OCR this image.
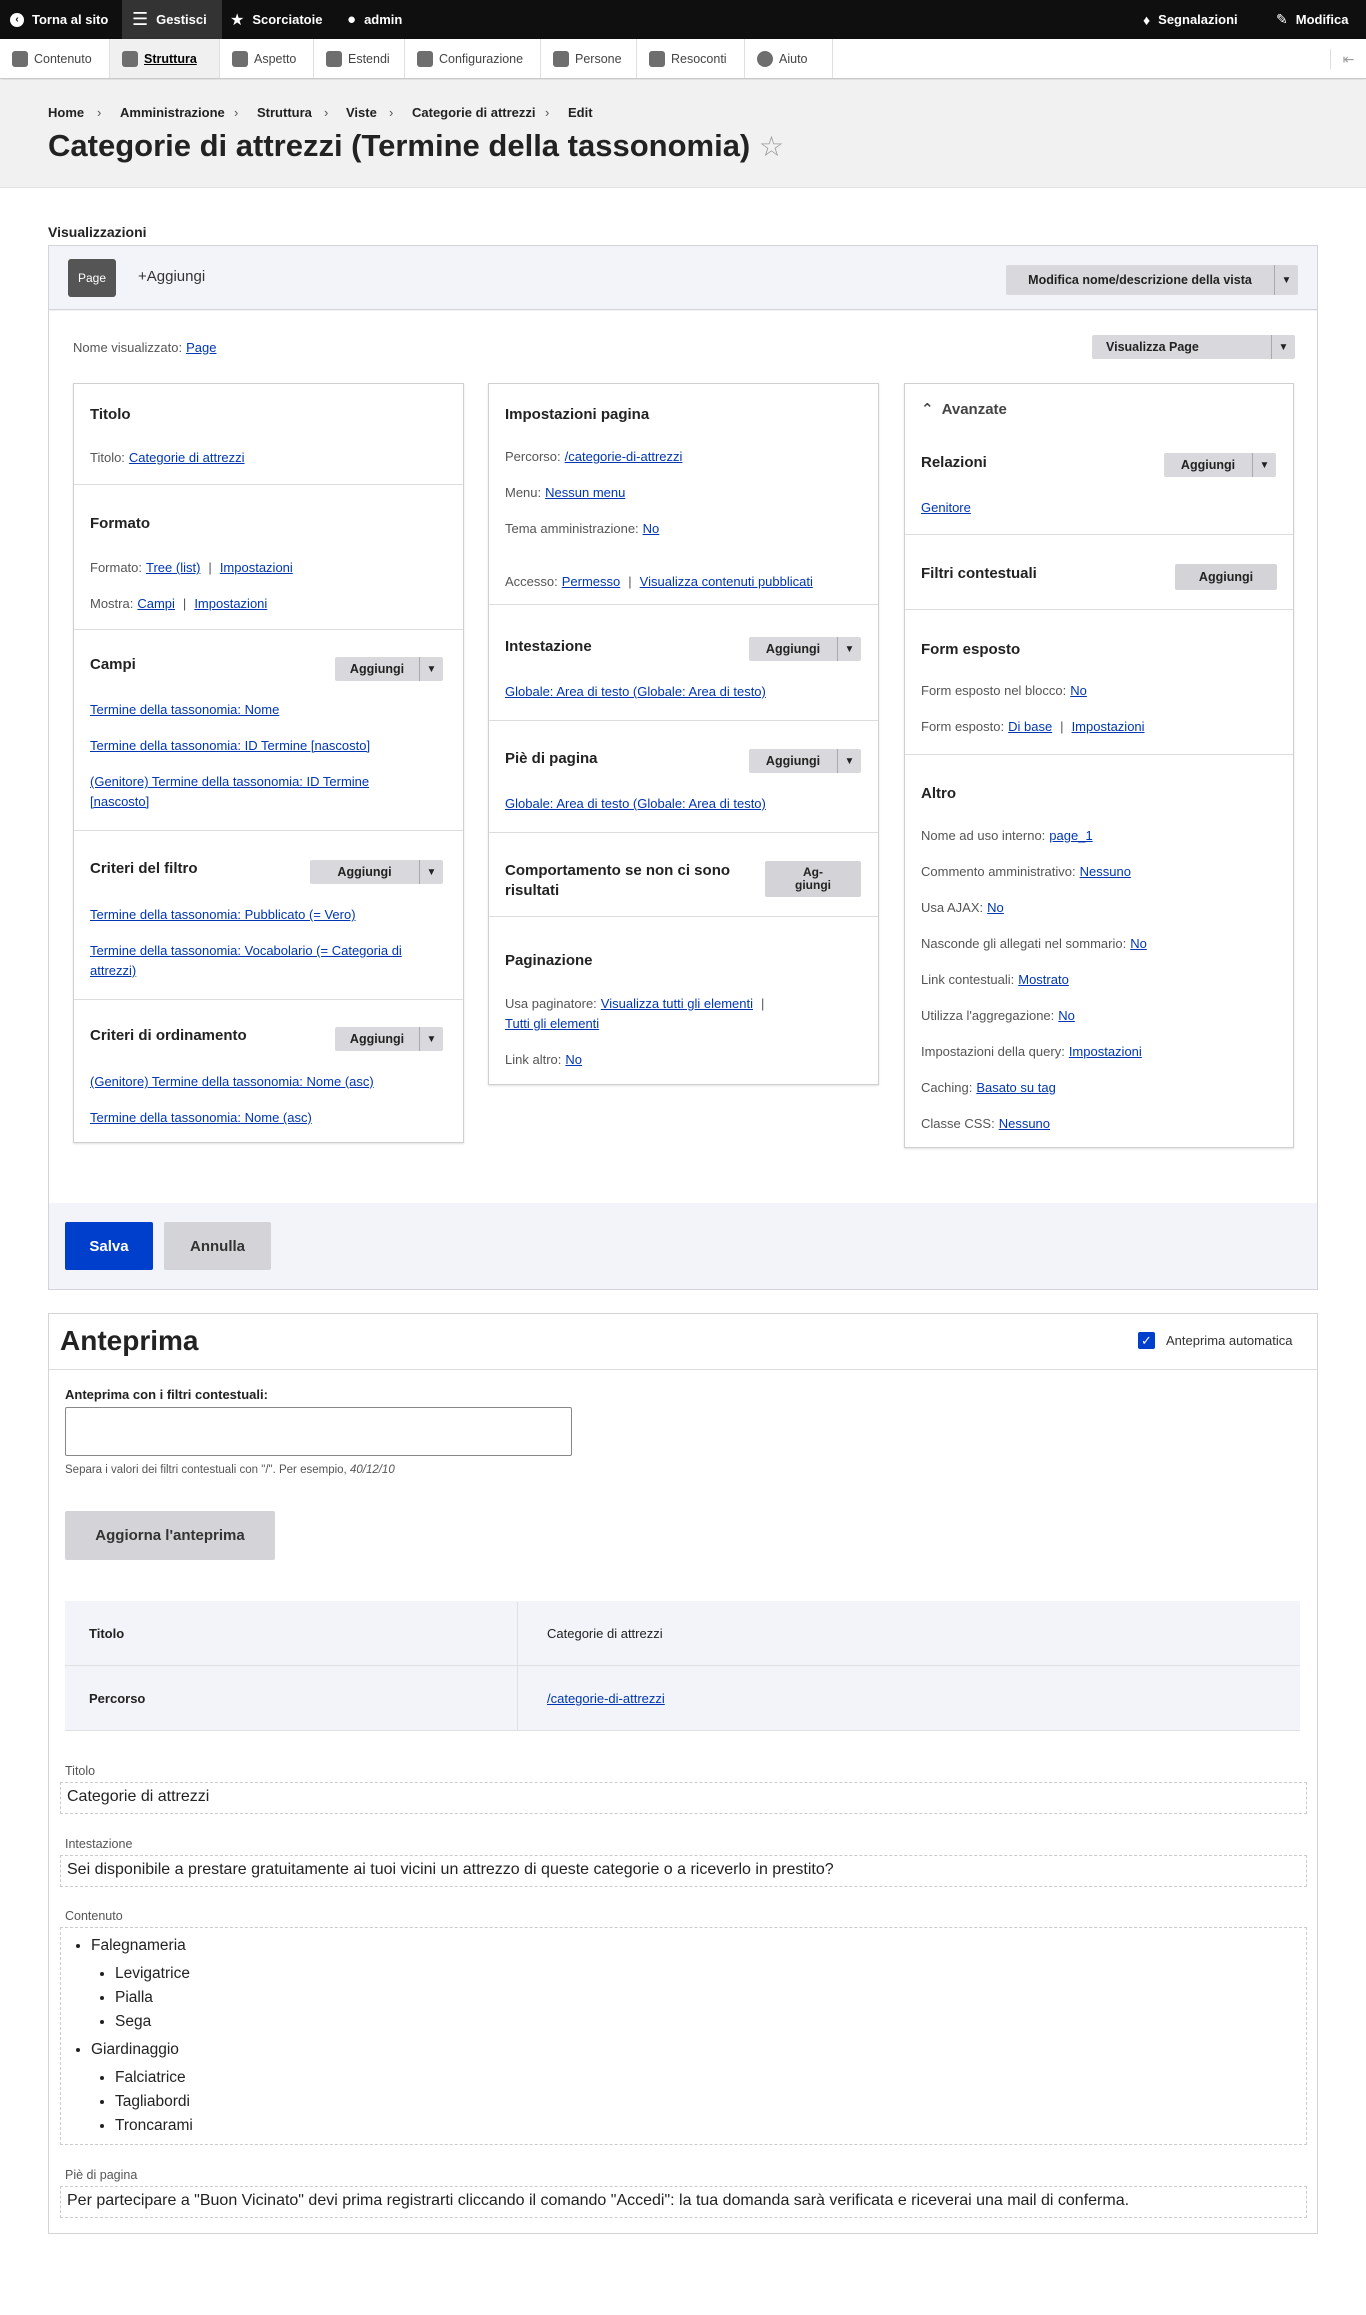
‹	Torna al sito ☰ Gestisci ★ Scorciatoie ● admin	♦ Segnalazioni	✎ Modifica
Contenuto	Struttura	Aspetto	Estendi	Configurazione	Persone	Resoconti	Aiuto	⇤
Home › Amministrazione › Struttura › Viste › Categorie di attrezzi › Edit
Categorie di attrezzi (Termine della tassonomia) ☆
Visualizzazioni
Page	+Aggiungi	Modifica nome/descrizione della vista	▼
Nome visualizzato: Page	Visualizza Page	▼
Titolo
Titolo: Categorie di attrezzi
Formato
Formato: Tree (list) | Impostazioni
Mostra: Campi | Impostazioni
Campi	Aggiungi	▼
Termine della tassonomia: Nome
Termine della tassonomia: ID Termine [nascosto]
(Genitore) Termine della tassonomia: ID Termine
[nascosto]
Criteri del filtro	Aggiungi	▼
Termine della tassonomia: Pubblicato (= Vero)
Termine della tassonomia: Vocabolario (= Categoria di
attrezzi)
Criteri di ordinamento	Aggiungi	▼
(Genitore) Termine della tassonomia: Nome (asc)
Termine della tassonomia: Nome (asc)
Impostazioni pagina
Percorso: /categorie-di-attrezzi
Menu: Nessun menu
Tema amministrazione: No
Accesso: Permesso | Visualizza contenuti pubblicati
Intestazione	Aggiungi	▼
Globale: Area di testo (Globale: Area di testo)
Piè di pagina	Aggiungi	▼
Globale: Area di testo (Globale: Area di testo)
Comportamento se non ci sono
risultati
Ag-
giungi
Paginazione
Usa paginatore: Visualizza tutti gli elementi |
Tutti gli elementi
Link altro: No
⌃ Avanzate
Relazioni	Aggiungi	▼
Genitore
Filtri contestuali	Aggiungi
Form esposto
Form esposto nel blocco: No
Form esposto: Di base | Impostazioni
Altro
Nome ad uso interno: page_1
Commento amministrativo: Nessuno
Usa AJAX: No
Nasconde gli allegati nel sommario: No
Link contestuali: Mostrato
Utilizza l'aggregazione: No
Impostazioni della query: Impostazioni
Caching: Basato su tag
Classe CSS: Nessuno
Salva	Annulla
Anteprima	✓ Anteprima automatica
Anteprima con i filtri contestuali:
Separa i valori dei filtri contestuali con "/". Per esempio, 40/12/10
Aggiorna l'anteprima
Titolo	Categorie di attrezzi
Percorso	/categorie-di-attrezzi
Titolo
Categorie di attrezzi
Intestazione
Sei disponibile a prestare gratuitamente ai tuoi vicini un attrezzo di queste categorie o a riceverlo in prestito?
Contenuto
• Falegnameria
• Levigatrice
• Pialla
• Sega
• Giardinaggio
• Falciatrice
• Tagliabordi
• Troncarami
Piè di pagina
Per partecipare a "Buon Vicinato" devi prima registrarti cliccando il comando "Accedi": la tua domanda sarà verificata e riceverai una mail di conferma.
